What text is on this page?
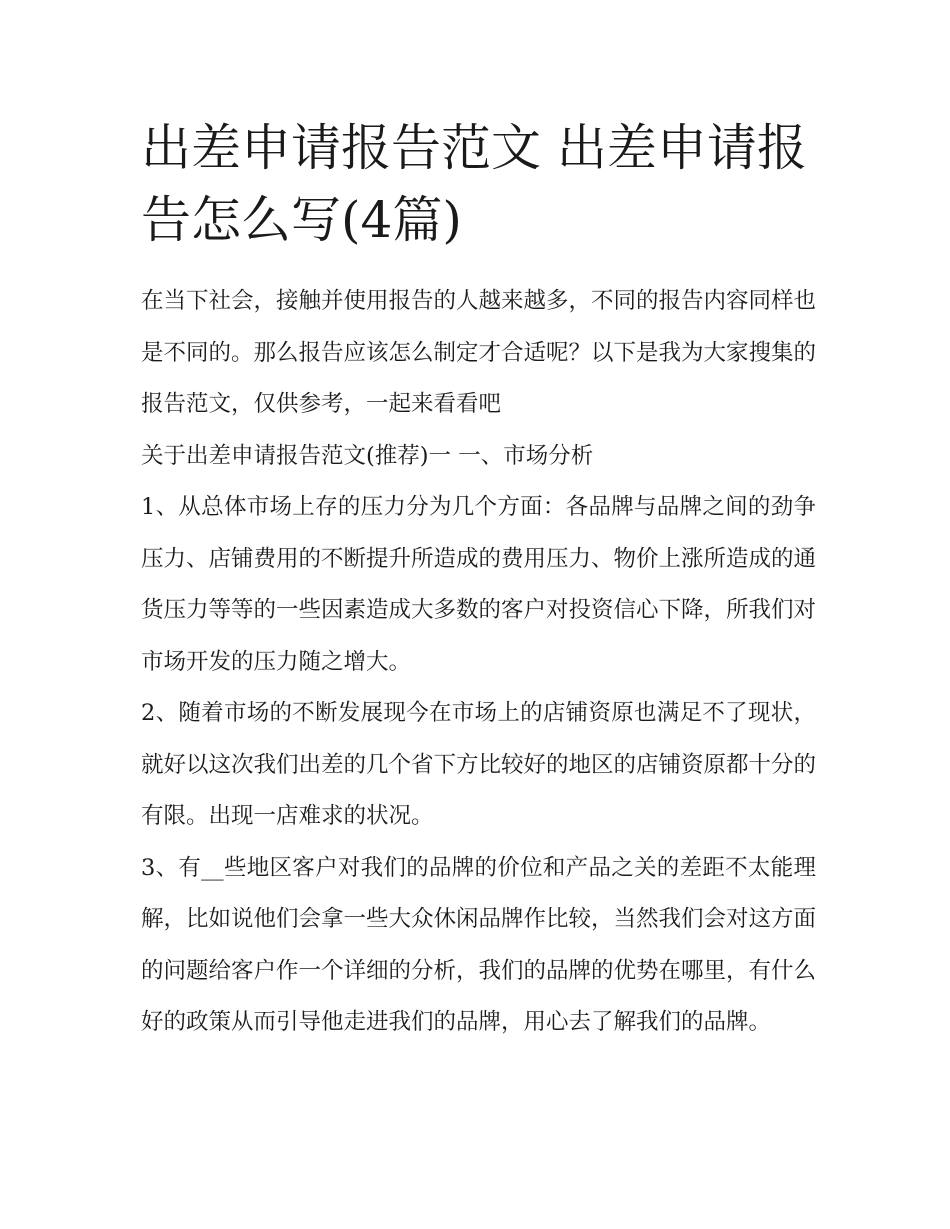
出差申请报告范文 出差申请报告怎么写(4篇)

在当下社会，接触并使用报告的人越来越多，不同的报告内容同样也是不同的。那么报告应该怎么制定才合适呢？以下是我为大家搜集的报告范文，仅供参考，一起来看看吧

关于出差申请报告范文(推荐)一 一、市场分析

1、从总体市场上存的压力分为几个方面：各品牌与品牌之间的劲争压力、店铺费用的不断提升所造成的费用压力、物价上涨所造成的通货压力等等的一些因素造成大多数的客户对投资信心下降，所我们对市场开发的压力随之增大。

2、随着市场的不断发展现今在市场上的店铺资原也满足不了现状，就好以这次我们出差的几个省下方比较好的地区的店铺资原都十分的有限。出现一店难求的状况。

3、有__些地区客户对我们的品牌的价位和产品之关的差距不太能理解，比如说他们会拿一些大众休闲品牌作比较，当然我们会对这方面的问题给客户作一个详细的分析，我们的品牌的优势在哪里，有什么好的政策从而引导他走进我们的品牌，用心去了解我们的品牌。
